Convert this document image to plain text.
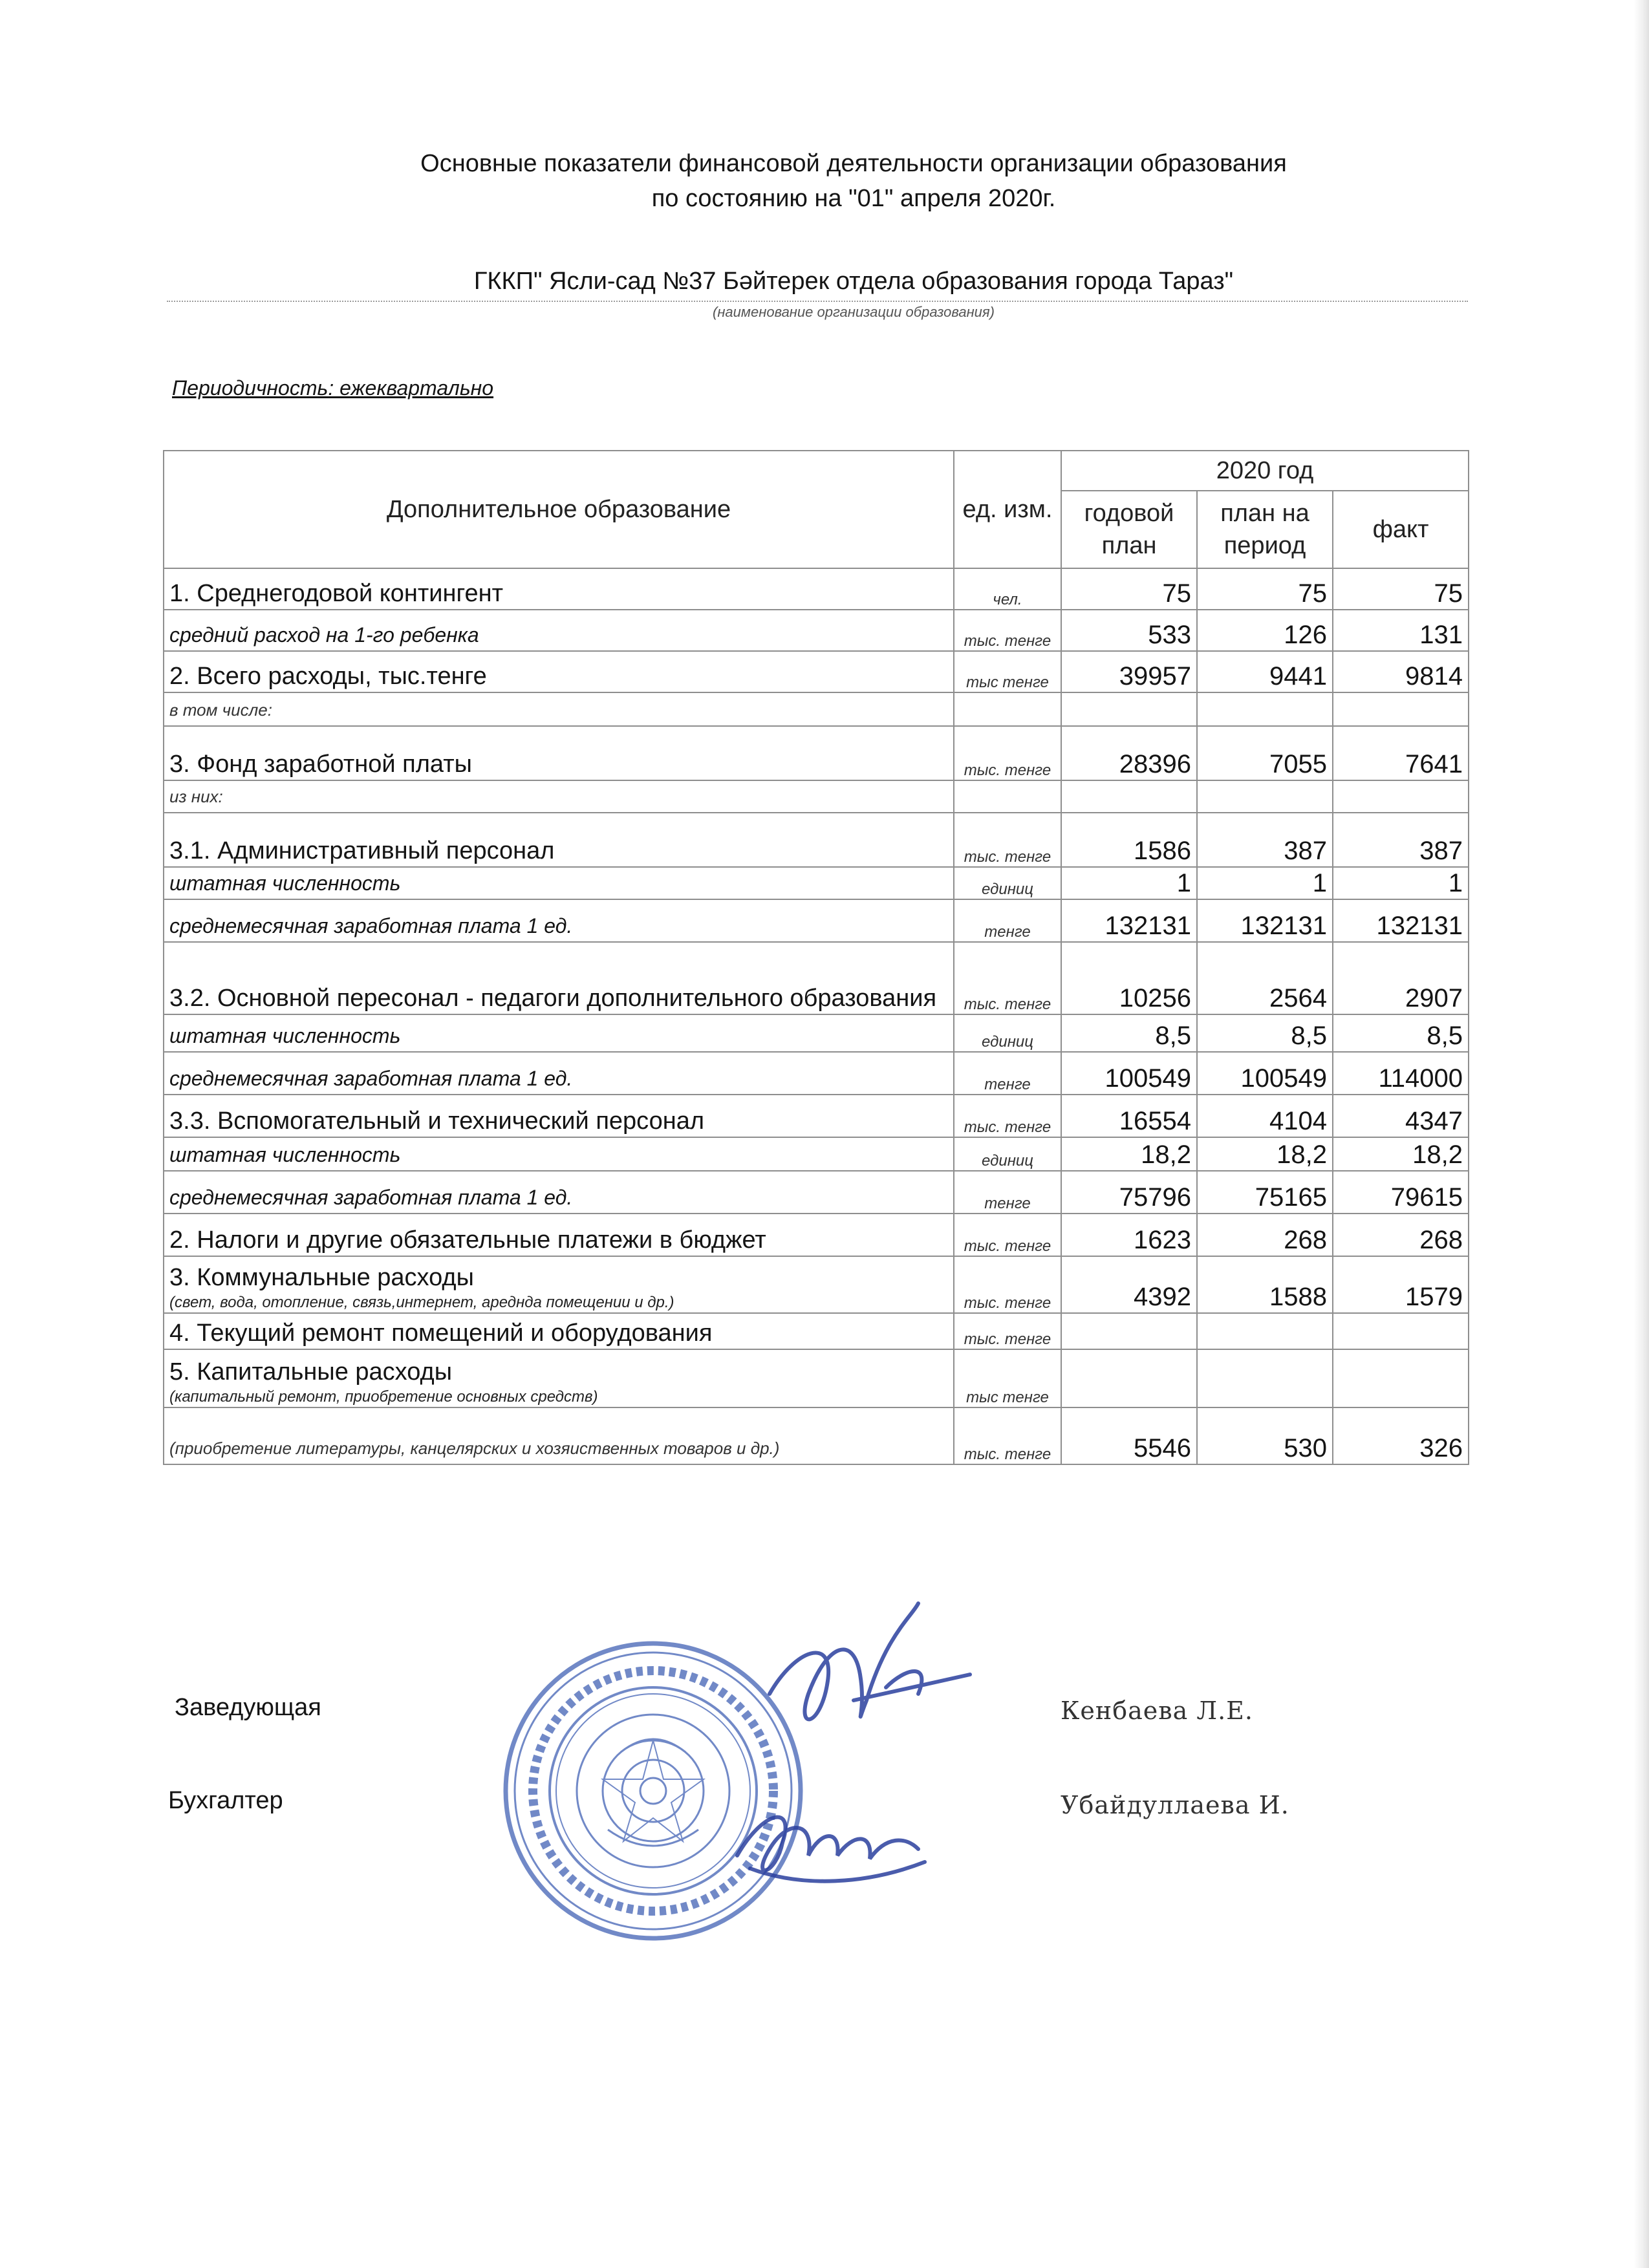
Основные показатели финансовой деятельности организации образования
по состоянию на "01" апреля 2020г.
ГККП" Ясли-сад №37 Бәйтерек отдела образования города Тараз"
(наименование организации образования)
Периодичность: ежеквартально
Дополнительное образование	ед. изм.	2020 год		
		годовой план	план на период	факт
1. Среднегодовой контингент	чел.	75	75	75
средний расход на 1-го ребенка	тыс. тенге	533	126	131
2. Всего расходы, тыс.тенге	тыс тенге	39957	9441	9814
в том числе:				
3. Фонд заработной платы	тыс. тенге	28396	7055	7641
из них:				
3.1. Административный персонал	тыс. тенге	1586	387	387
штатная численность	единиц	1	1	1
среднемесячная заработная плата 1 ед.	тенге	132131	132131	132131
3.2. Основной пересонал - педагоги дополнительного образования	тыс. тенге	10256	2564	2907
штатная численность	единиц	8,5	8,5	8,5
среднемесячная заработная плата 1 ед.	тенге	100549	100549	114000
3.3. Вспомогательный и технический персонал	тыс. тенге	16554	4104	4347
штатная численность	единиц	18,2	18,2	18,2
среднемесячная заработная плата 1 ед.	тенге	75796	75165	79615
2. Налоги и другие обязательные платежи в бюджет	тыс. тенге	1623	268	268
3. Коммунальные расходы
(свет, вода, отопление, связь,интернет, ареднда помещении и др.)	тыс. тенге	4392	1588	1579
4. Текущий ремонт помещений и оборудования	тыс. тенге			
5. Капитальные расходы
(капитальный ремонт, приобретение основных средств)	тыс тенге			
(приобретение литературы, канцелярских и хозяиственных товаров и др.)	тыс. тенге	5546	530	326
Заведующая	Кенбаева Л.Е.
Бухгалтер	Убайдуллаева И.
